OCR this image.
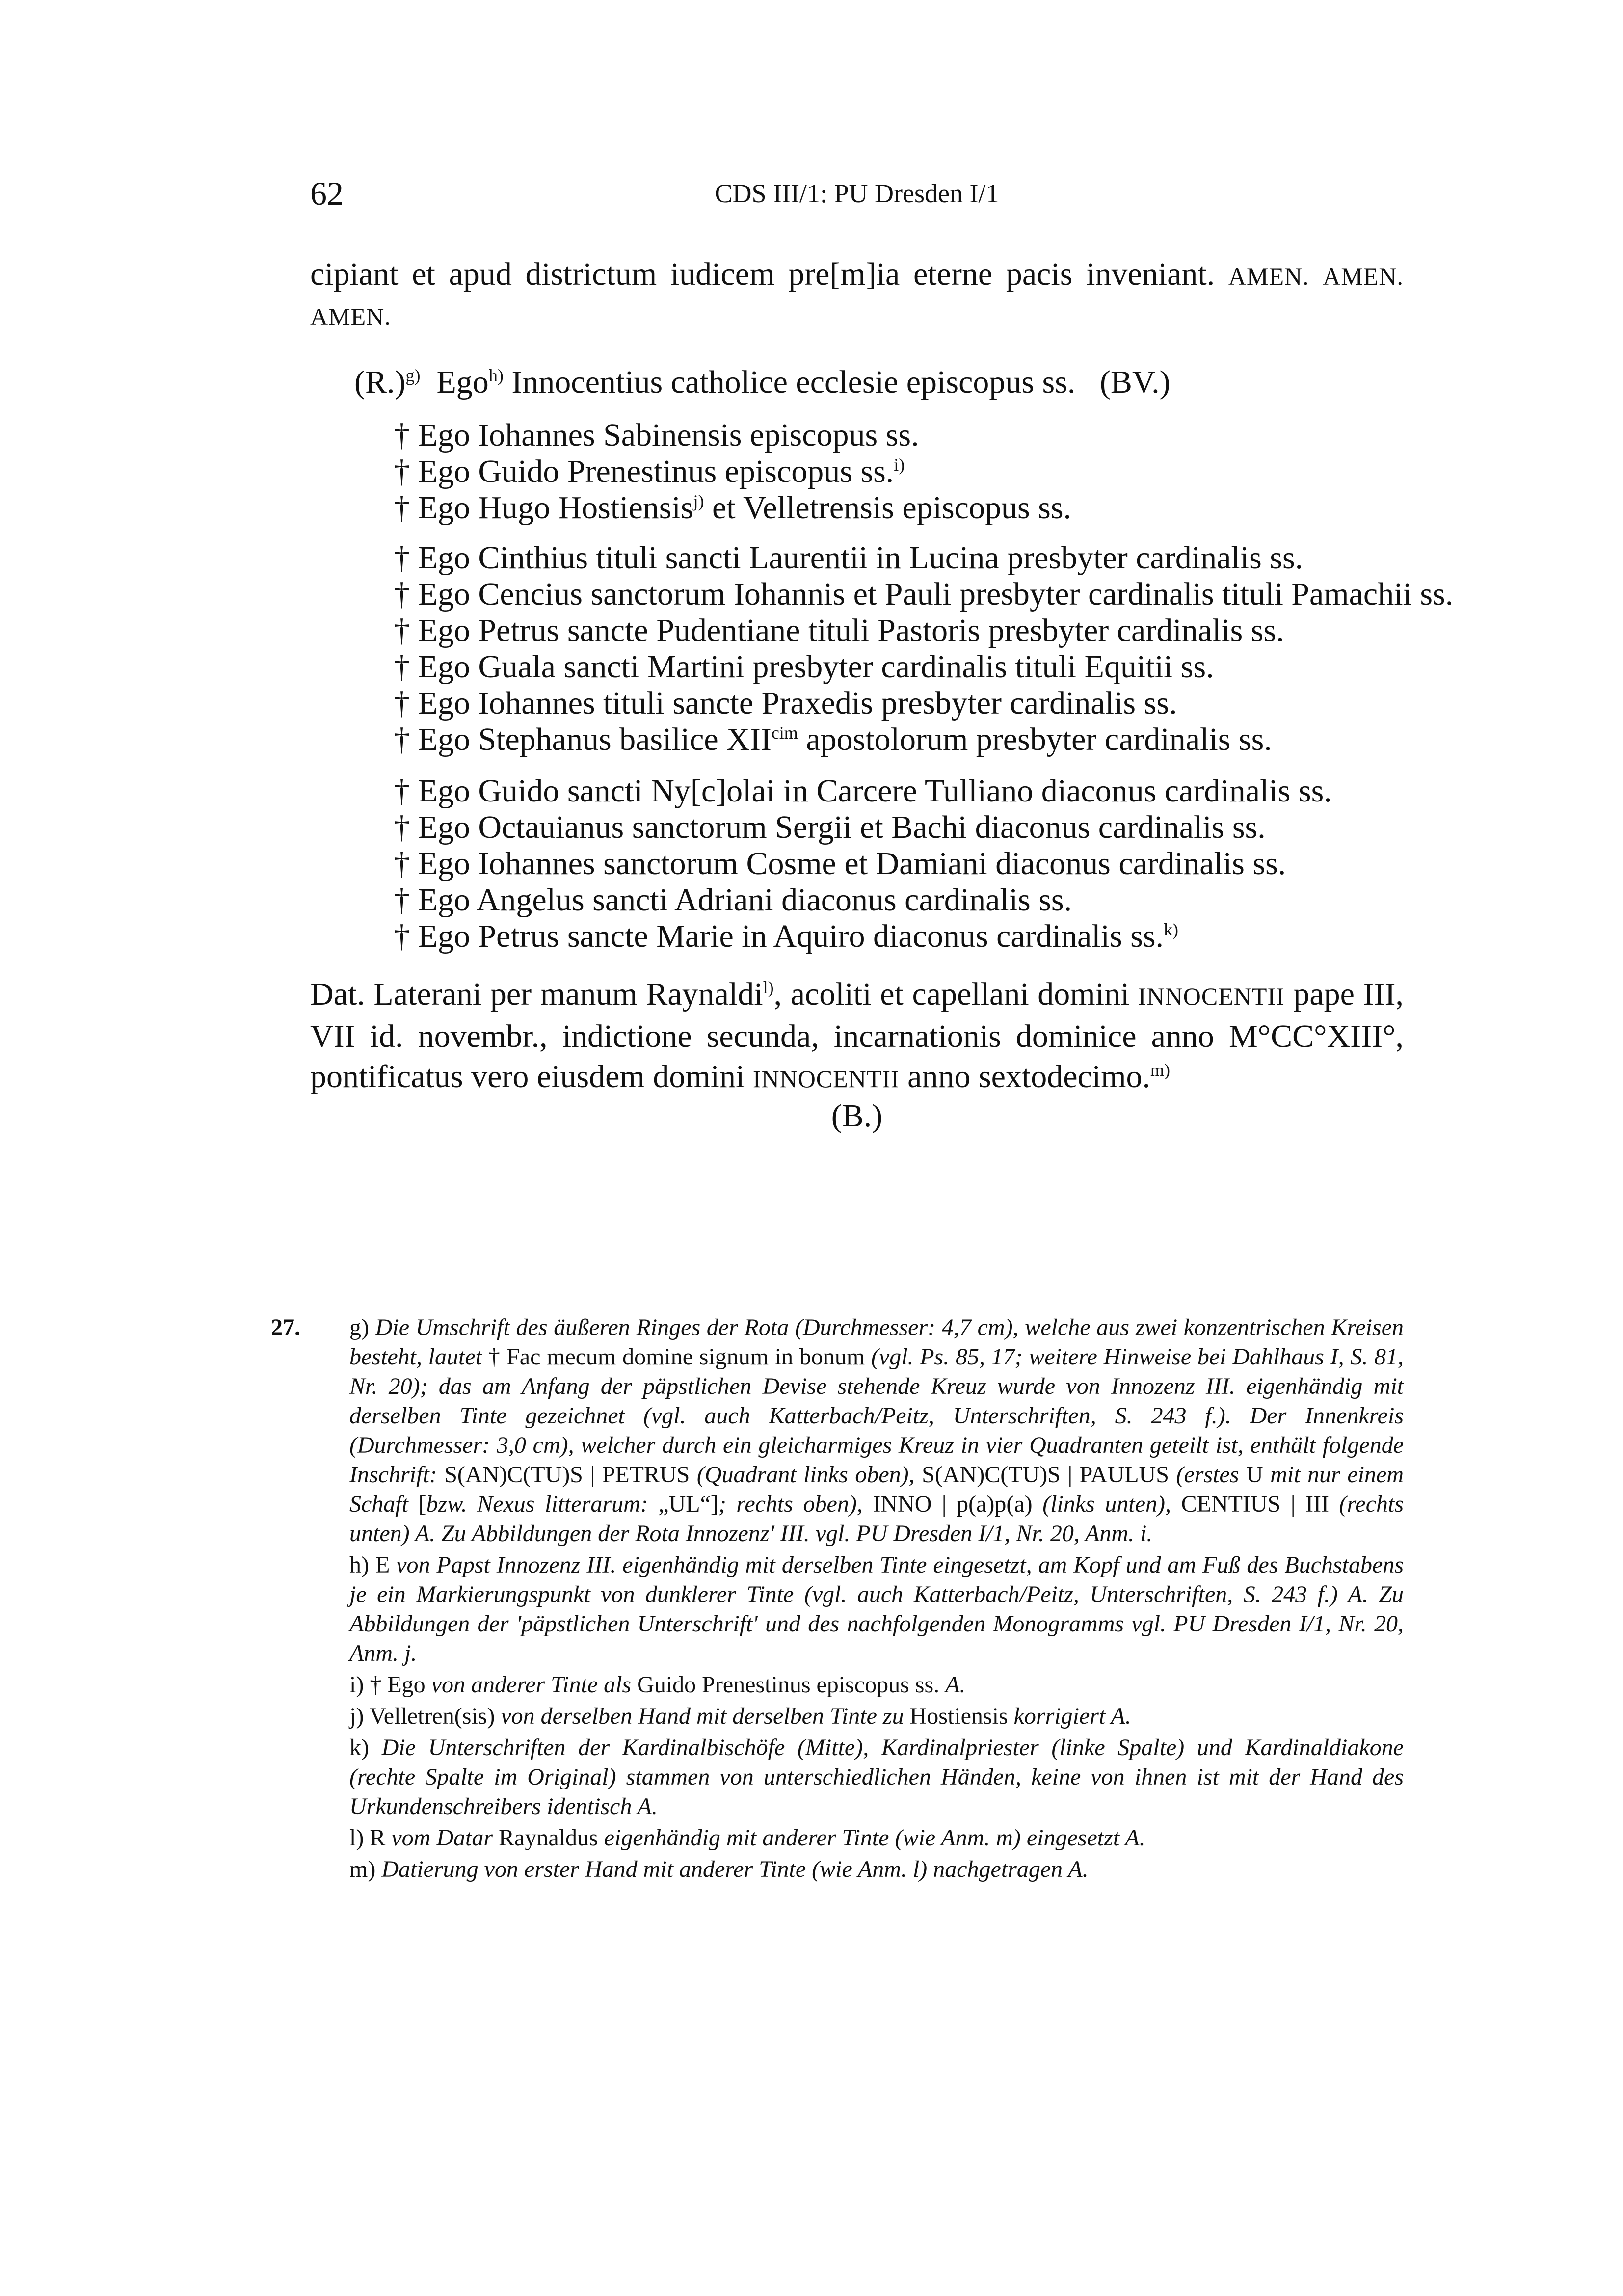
62	CDS III/1: PU Dresden I/1

cipiant et apud districtum iudicem pre[m]ia eterne pacis inveniant. AMEN. AMEN. AMEN.

$(R.)^{g)}$ Ego$^{h)}$ Innocentius catholice ecclesie episcopus ss. (BV.)
† Ego Iohannes Sabinensis episcopus ss.
† Ego Guido Prenestinus episcopus ss.$^{i)}$
† Ego Hugo Hostiensis$^{j)}$ et Velletrensis episcopus ss.
† Ego Cinthius tituli sancti Laurentii in Lucina presbyter cardinalis ss.
† Ego Cencius sanctorum Iohannis et Pauli presbyter cardinalis tituli Pamachii ss.
† Ego Petrus sancte Pudentiane tituli Pastoris presbyter cardinalis ss.
† Ego Guala sancti Martini presbyter cardinalis tituli Equitii ss.
† Ego Iohannes tituli sancte Praxedis presbyter cardinalis ss.
† Ego Stephanus basilice $XII^{cim}$ apostolorum presbyter cardinalis ss.
† Ego Guido sancti Ny[c]olai in Carcere Tulliano diaconus cardinalis ss.
† Ego Octauianus sanctorum Sergii et Bachi diaconus cardinalis ss.
† Ego Iohannes sanctorum Cosme et Damiani diaconus cardinalis ss.
† Ego Angelus sancti Adriani diaconus cardinalis ss.
† Ego Petrus sancte Marie in Aquiro diaconus cardinalis ss.$^{k)}$

Dat. Laterani per manum Raynaldi$^{l)}$, acoliti et capellani domini INNOCENTII pape III, VII id. novembr., indictione secunda, incarnationis dominice anno M°CC°XIII°, pontificatus vero eiusdem domini INNOCENTII anno sextodecimo.$^{m)}$

(B.)

27. g) Die Umschrift des äußeren Ringes der Rota (Durchmesser: 4,7 cm), welche aus zwei konzentrischen Kreisen besteht, lautet † Fac mecum domine signum in bonum (vgl. Ps. 85, 17; weitere Hinweise bei Dahlhaus I, S. 81, Nr. 20); das am Anfang der päpstlichen Devise stehende Kreuz wurde von Innozenz III. eigenhändig mit derselben Tinte gezeichnet (vgl. auch Katterbach/Peitz, Unterschriften, S. 243 f.). Der Innenkreis (Durchmesser: 3,0 cm), welcher durch ein gleicharmiges Kreuz in vier Quadranten geteilt ist, enthält folgende Inschrift: S(AN)C(TU)S | PETRUS (Quadrant links oben), S(AN)C(TU)S | PAULUS (erstes U mit nur einem Schaft [bzw. Nexus litterarum: „UL“]; rechts oben), INNO | p(a)p(a) (links unten), CENTIUS | III (rechts unten) A. Zu Abbildungen der Rota Innozenz' III. vgl. PU Dresden I/1, Nr. 20, Anm. i.

h) E von Papst Innozenz III. eigenhändig mit derselben Tinte eingesetzt, am Kopf und am Fuß des Buchstabens je ein Markierungspunkt von dunklerer Tinte (vgl. auch Katterbach/Peitz, Unterschriften, S. 243 f.) A. Zu Abbildungen der 'päpstlichen Unterschrift' und des nachfolgenden Monogramms vgl. PU Dresden I/1, Nr. 20, Anm. j.

i) † Ego von anderer Tinte als Guido Prenestinus episcopus ss. A.

j) Velletren(sis) von derselben Hand mit derselben Tinte zu Hostiensis korrigiert A.

k) Die Unterschriften der Kardinalbischöfe (Mitte), Kardinalpriester (linke Spalte) und Kardinaldiakone (rechte Spalte im Original) stammen von unterschiedlichen Händen, keine von ihnen ist mit der Hand des Urkundenschreibers identisch A.

l) R vom Datar Raynaldus eigenhändig mit anderer Tinte (wie Anm. m) eingesetzt A.

m) Datierung von erster Hand mit anderer Tinte (wie Anm. l) nachgetragen A.
